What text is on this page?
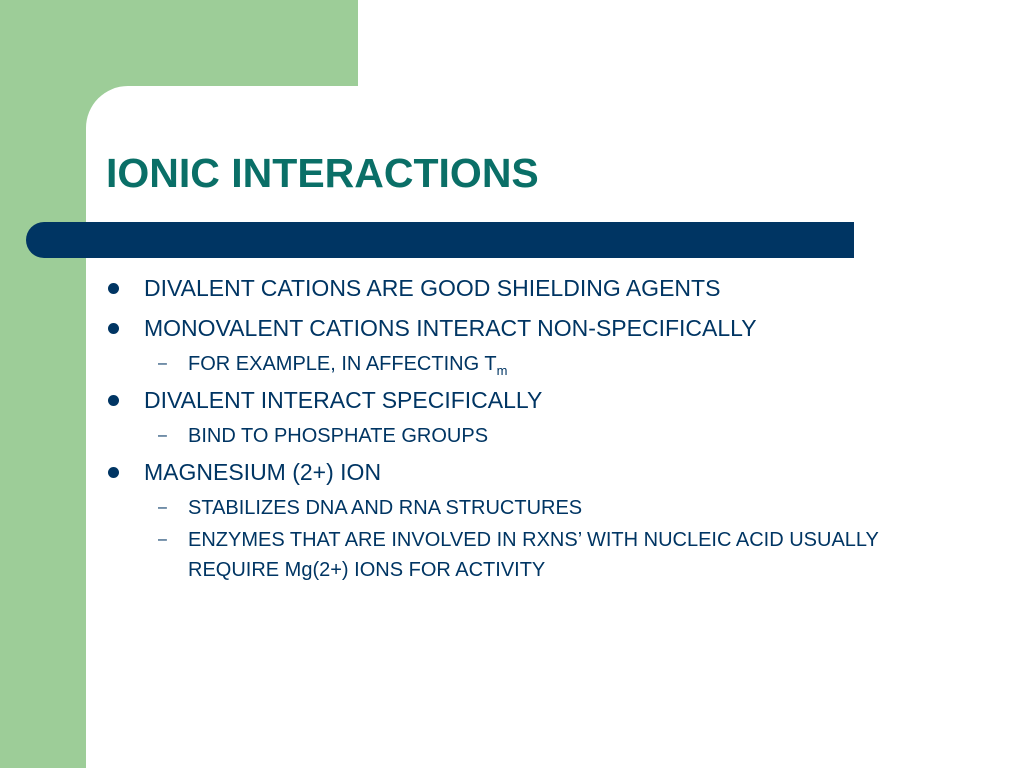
IONIC INTERACTIONS
DIVALENT CATIONS ARE GOOD SHIELDING AGENTS
MONOVALENT CATIONS INTERACT NON-SPECIFICALLY
– FOR EXAMPLE, IN AFFECTING $T_m$
DIVALENT INTERACT SPECIFICALLY
– BIND TO PHOSPHATE GROUPS
MAGNESIUM (2+) ION
– STABILIZES DNA AND RNA STRUCTURES
– ENZYMES THAT ARE INVOLVED IN RXNS’ WITH NUCLEIC ACID USUALLY REQUIRE Mg(2+) IONS FOR ACTIVITY
